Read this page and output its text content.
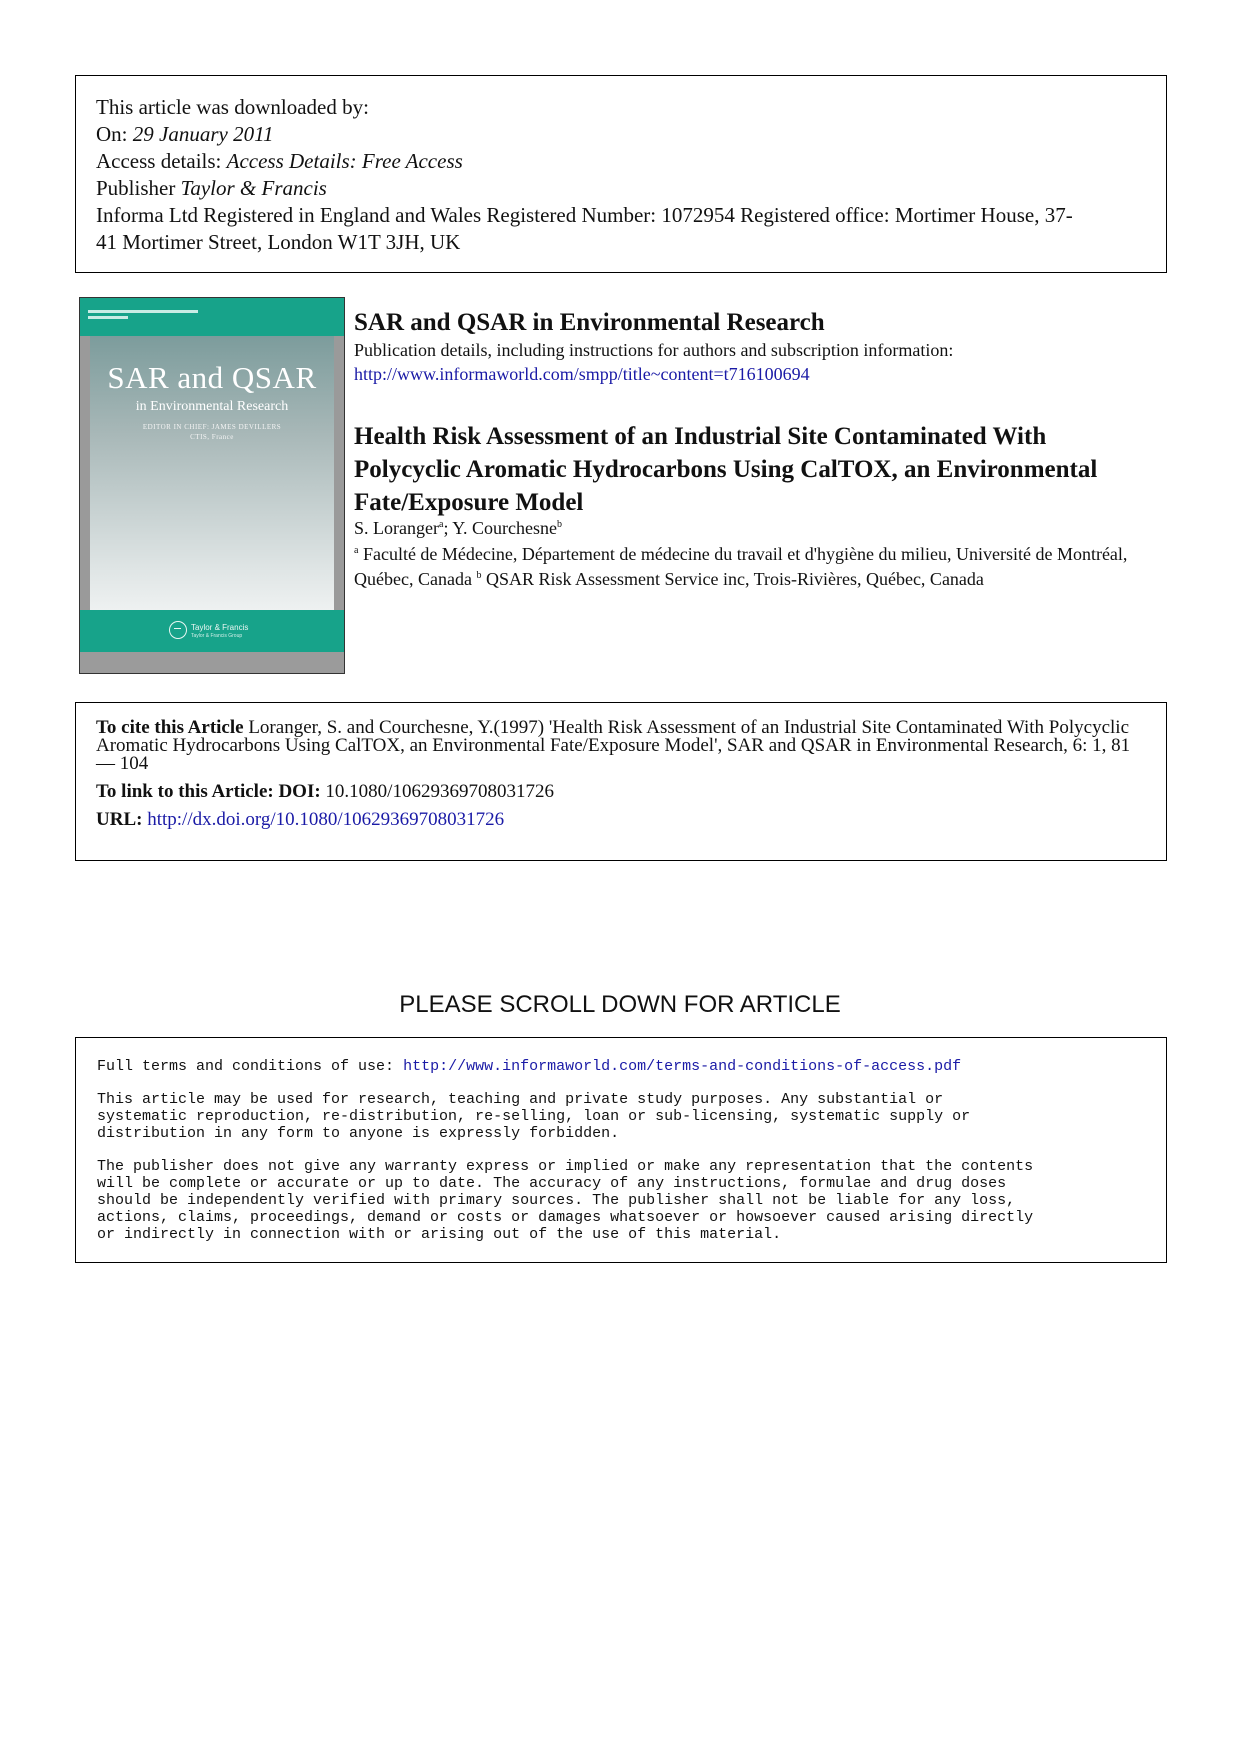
This article was downloaded by:
On: 29 January 2011
Access details: Access Details: Free Access
Publisher Taylor & Francis
Informa Ltd Registered in England and Wales Registered Number: 1072954 Registered office: Mortimer House, 37-
41 Mortimer Street, London W1T 3JH, UK
SAR and QSAR
in Environmental Research
EDITOR IN CHIEF: JAMES DEVILLERS
CTIS, France
Taylor & Francis
Taylor & Francis Group
SAR and QSAR in Environmental Research
Publication details, including instructions for authors and subscription information:
http://www.informaworld.com/smpp/title~content=t716100694
Health Risk Assessment of an Industrial Site Contaminated With Polycyclic Aromatic Hydrocarbons Using CalTOX, an Environmental Fate/Exposure Model
S. Loranger$^a$; Y. Courchesne$^b$
$^a$ Faculté de Médecine, Département de médecine du travail et d'hygiène du milieu, Université de Montréal, Québec, Canada $^b$ QSAR Risk Assessment Service inc, Trois-Rivières, Québec, Canada
To cite this Article Loranger, S. and Courchesne, Y.(1997) 'Health Risk Assessment of an Industrial Site Contaminated With Polycyclic Aromatic Hydrocarbons Using CalTOX, an Environmental Fate/Exposure Model', SAR and QSAR in Environmental Research, 6: 1, 81 — 104
To link to this Article: DOI: 10.1080/10629369708031726
URL: http://dx.doi.org/10.1080/10629369708031726
PLEASE SCROLL DOWN FOR ARTICLE

Full terms and conditions of use: http://www.informaworld.com/terms-and-conditions-of-access.pdf

This article may be used for research, teaching and private study purposes. Any substantial or
systematic reproduction, re-distribution, re-selling, loan or sub-licensing, systematic supply or
distribution in any form to anyone is expressly forbidden.

The publisher does not give any warranty express or implied or make any representation that the contents
will be complete or accurate or up to date. The accuracy of any instructions, formulae and drug doses
should be independently verified with primary sources. The publisher shall not be liable for any loss,
actions, claims, proceedings, demand or costs or damages whatsoever or howsoever caused arising directly
or indirectly in connection with or arising out of the use of this material.
